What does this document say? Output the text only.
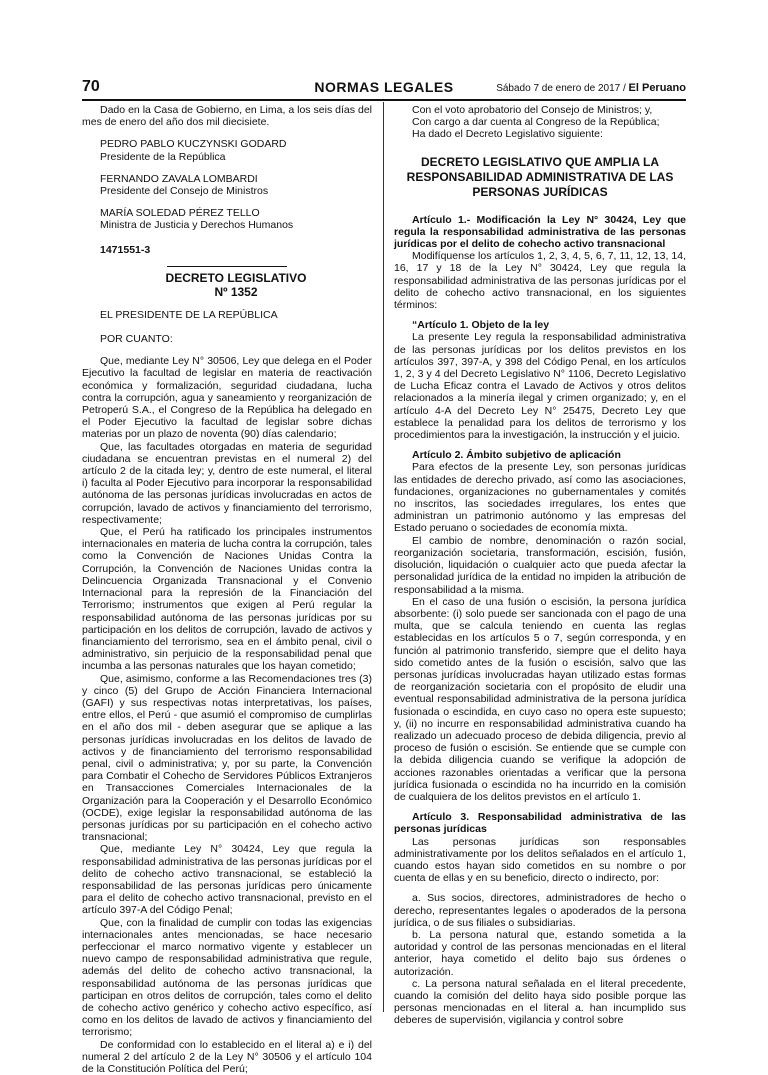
70	NORMAS LEGALES	Sábado 7 de enero de 2017 / El Peruano

Dado en la Casa de Gobierno, en Lima, a los seis días del mes de enero del año dos mil diecisiete.

PEDRO PABLO KUCZYNSKI GODARD

Presidente de la República

FERNANDO ZAVALA LOMBARDI

Presidente del Consejo de Ministros

MARÍA SOLEDAD PÉREZ TELLO

Ministra de Justicia y Derechos Humanos

1471551-3

DECRETO LEGISLATIVO

Nº 1352

EL PRESIDENTE DE LA REPÚBLICA

POR CUANTO:

Que, mediante Ley N° 30506, Ley que delega en el Poder Ejecutivo la facultad de legislar en materia de reactivación económica y formalización, seguridad ciudadana, lucha contra la corrupción, agua y saneamiento y reorganización de Petroperú S.A., el Congreso de la República ha delegado en el Poder Ejecutivo la facultad de legislar sobre dichas materias por un plazo de noventa (90) días calendario;

Que, las facultades otorgadas en materia de seguridad ciudadana se encuentran previstas en el numeral 2) del artículo 2 de la citada ley; y, dentro de este numeral, el literal i) faculta al Poder Ejecutivo para incorporar la responsabilidad autónoma de las personas jurídicas involucradas en actos de corrupción, lavado de activos y financiamiento del terrorismo, respectivamente;

Que, el Perú ha ratificado los principales instrumentos internacionales en materia de lucha contra la corrupción, tales como la Convención de Naciones Unidas Contra la Corrupción, la Convención de Naciones Unidas contra la Delincuencia Organizada Transnacional y el Convenio Internacional para la represión de la Financiación del Terrorismo; instrumentos que exigen al Perú regular la responsabilidad autónoma de las personas jurídicas por su participación en los delitos de corrupción, lavado de activos y financiamiento del terrorismo, sea en el ámbito penal, civil o administrativo, sin perjuicio de la responsabilidad penal que incumba a las personas naturales que los hayan cometido;

Que, asimismo, conforme a las Recomendaciones tres (3) y cinco (5) del Grupo de Acción Financiera Internacional (GAFI) y sus respectivas notas interpretativas, los países, entre ellos, el Perú - que asumió el compromiso de cumplirlas en el año dos mil - deben asegurar que se aplique a las personas jurídicas involucradas en los delitos de lavado de activos y de financiamiento del terrorismo responsabilidad penal, civil o administrativa; y, por su parte, la Convención para Combatir el Cohecho de Servidores Públicos Extranjeros en Transacciones Comerciales Internacionales de la Organización para la Cooperación y el Desarrollo Económico (OCDE), exige legislar la responsabilidad autónoma de las personas jurídicas por su participación en el cohecho activo transnacional;

Que, mediante Ley N° 30424, Ley que regula la responsabilidad administrativa de las personas jurídicas por el delito de cohecho activo transnacional, se estableció la responsabilidad de las personas jurídicas pero únicamente para el delito de cohecho activo transnacional, previsto en el artículo 397-A del Código Penal;

Que, con la finalidad de cumplir con todas las exigencias internacionales antes mencionadas, se hace necesario perfeccionar el marco normativo vigente y establecer un nuevo campo de responsabilidad administrativa que regule, además del delito de cohecho activo transnacional, la responsabilidad autónoma de las personas jurídicas que participan en otros delitos de corrupción, tales como el delito de cohecho activo genérico y cohecho activo específico, así como en los delitos de lavado de activos y financiamiento del terrorismo;

De conformidad con lo establecido en el literal a) e i) del numeral 2 del artículo 2 de la Ley N° 30506 y el artículo 104 de la Constitución Política del Perú;

Con el voto aprobatorio del Consejo de Ministros; y,

Con cargo a dar cuenta al Congreso de la República;

Ha dado el Decreto Legislativo siguiente:

DECRETO LEGISLATIVO QUE AMPLIA LA RESPONSABILIDAD ADMINISTRATIVA DE LAS PERSONAS JURÍDICAS

Artículo 1.- Modificación la Ley N° 30424, Ley que regula la responsabilidad administrativa de las personas jurídicas por el delito de cohecho activo transnacional

Modifíquense los artículos 1, 2, 3, 4, 5, 6, 7, 11, 12, 13, 14, 16, 17 y 18 de la Ley N° 30424, Ley que regula la responsabilidad administrativa de las personas jurídicas por el delito de cohecho activo transnacional, en los siguientes términos:

“Artículo 1. Objeto de la ley

La presente Ley regula la responsabilidad administrativa de las personas jurídicas por los delitos previstos en los artículos 397, 397-A, y 398 del Código Penal, en los artículos 1, 2, 3 y 4 del Decreto Legislativo N° 1106, Decreto Legislativo de Lucha Eficaz contra el Lavado de Activos y otros delitos relacionados a la minería ilegal y crimen organizado; y, en el artículo 4-A del Decreto Ley N° 25475, Decreto Ley que establece la penalidad para los delitos de terrorismo y los procedimientos para la investigación, la instrucción y el juicio.

Artículo 2. Ámbito subjetivo de aplicación

Para efectos de la presente Ley, son personas jurídicas las entidades de derecho privado, así como las asociaciones, fundaciones, organizaciones no gubernamentales y comités no inscritos, las sociedades irregulares, los entes que administran un patrimonio autónomo y las empresas del Estado peruano o sociedades de economía mixta.

El cambio de nombre, denominación o razón social, reorganización societaria, transformación, escisión, fusión, disolución, liquidación o cualquier acto que pueda afectar la personalidad jurídica de la entidad no impiden la atribución de responsabilidad a la misma.

En el caso de una fusión o escisión, la persona jurídica absorbente: (i) solo puede ser sancionada con el pago de una multa, que se calcula teniendo en cuenta las reglas establecidas en los artículos 5 o 7, según corresponda, y en función al patrimonio transferido, siempre que el delito haya sido cometido antes de la fusión o escisión, salvo que las personas jurídicas involucradas hayan utilizado estas formas de reorganización societaria con el propósito de eludir una eventual responsabilidad administrativa de la persona jurídica fusionada o escindida, en cuyo caso no opera este supuesto; y, (ii) no incurre en responsabilidad administrativa cuando ha realizado un adecuado proceso de debida diligencia, previo al proceso de fusión o escisión. Se entiende que se cumple con la debida diligencia cuando se verifique la adopción de acciones razonables orientadas a verificar que la persona jurídica fusionada o escindida no ha incurrido en la comisión de cualquiera de los delitos previstos en el artículo 1.

Artículo 3. Responsabilidad administrativa de las personas jurídicas

Las personas jurídicas son responsables administrativamente por los delitos señalados en el artículo 1, cuando estos hayan sido cometidos en su nombre o por cuenta de ellas y en su beneficio, directo o indirecto, por:

a. Sus socios, directores, administradores de hecho o derecho, representantes legales o apoderados de la persona jurídica, o de sus filiales o subsidiarias.

b. La persona natural que, estando sometida a la autoridad y control de las personas mencionadas en el literal anterior, haya cometido el delito bajo sus órdenes o autorización.

c. La persona natural señalada en el literal precedente, cuando la comisión del delito haya sido posible porque las personas mencionadas en el literal a. han incumplido sus deberes de supervisión, vigilancia y control sobre
